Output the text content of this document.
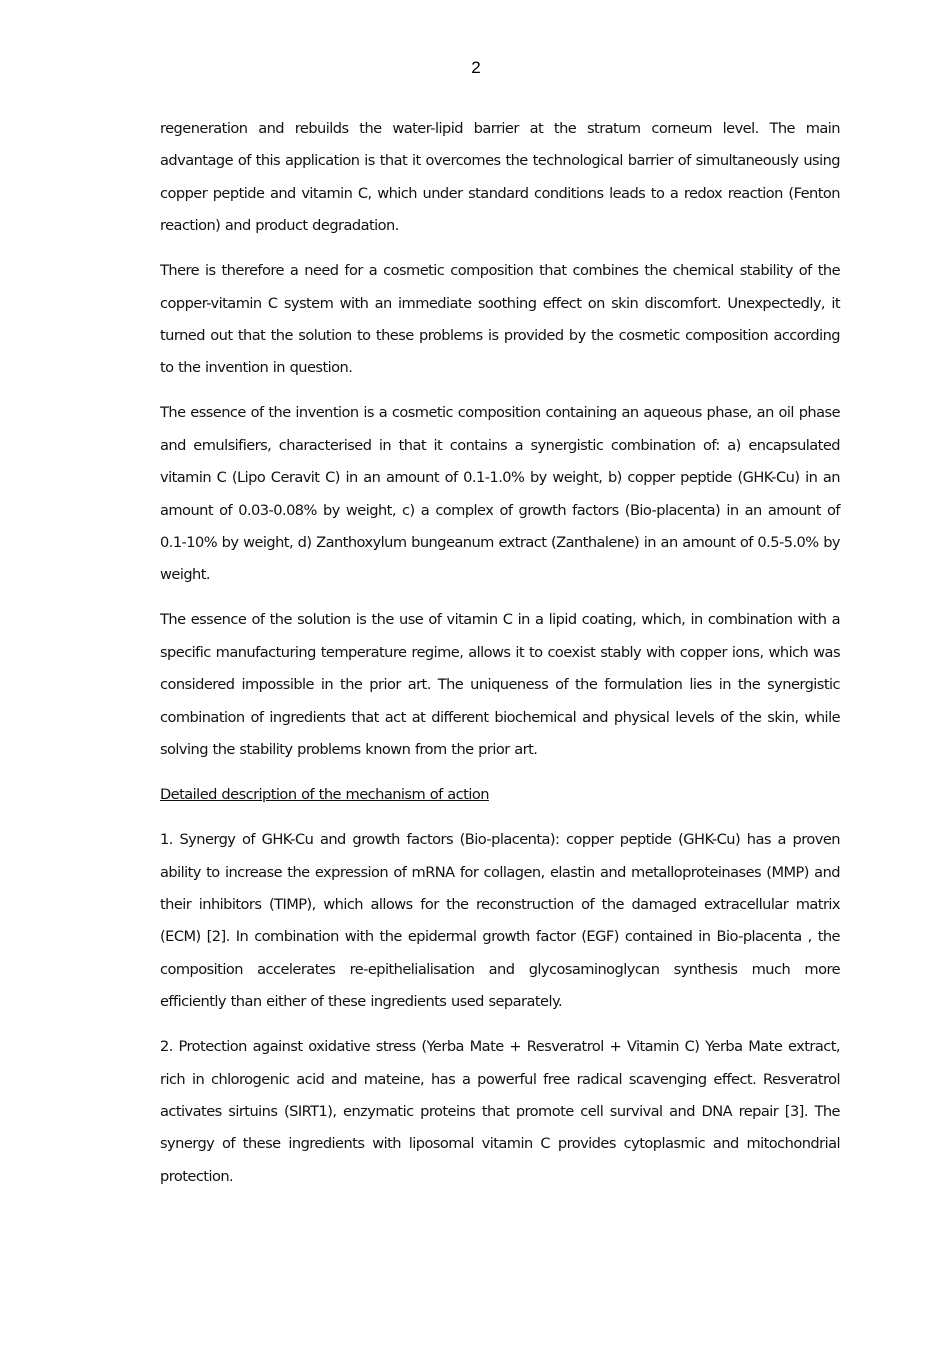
2

regeneration and rebuilds the water-lipid barrier at the stratum corneum level. The main advantage of this application is that it overcomes the technological barrier of simultaneously using copper peptide and vitamin C, which under standard conditions leads to a redox reaction (Fenton reaction) and product degradation.

There is therefore a need for a cosmetic composition that combines the chemical stability of the copper-vitamin C system with an immediate soothing effect on skin discomfort. Unexpectedly, it turned out that the solution to these problems is provided by the cosmetic composition according to the invention in question.

The essence of the invention is a cosmetic composition containing an aqueous phase, an oil phase and emulsifiers, characterised in that it contains a synergistic combination of: a) encapsulated vitamin C (Lipo Ceravit C) in an amount of 0.1-1.0% by weight, b) copper peptide (GHK-Cu) in an amount of 0.03-0.08% by weight, c) a complex of growth factors (Bio-placenta) in an amount of 0.1-10% by weight, d) Zanthoxylum bungeanum extract (Zanthalene) in an amount of 0.5-5.0% by weight.

The essence of the solution is the use of vitamin C in a lipid coating, which, in combination with a specific manufacturing temperature regime, allows it to coexist stably with copper ions, which was considered impossible in the prior art. The uniqueness of the formulation lies in the synergistic combination of ingredients that act at different biochemical and physical levels of the skin, while solving the stability problems known from the prior art.

Detailed description of the mechanism of action

1. Synergy of GHK-Cu and growth factors (Bio-placenta): copper peptide (GHK-Cu) has a proven ability to increase the expression of mRNA for collagen, elastin and metalloproteinases (MMP) and their inhibitors (TIMP), which allows for the reconstruction of the damaged extracellular matrix (ECM) [2]. In combination with the epidermal growth factor (EGF) contained in Bio-placenta , the composition accelerates re-epithelialisation and glycosaminoglycan synthesis much more efficiently than either of these ingredients used separately.

2. Protection against oxidative stress (Yerba Mate + Resveratrol + Vitamin C) Yerba Mate extract, rich in chlorogenic acid and mateine, has a powerful free radical scavenging effect. Resveratrol activates sirtuins (SIRT1), enzymatic proteins that promote cell survival and DNA repair [3]. The synergy of these ingredients with liposomal vitamin C provides cytoplasmic and mitochondrial protection.
